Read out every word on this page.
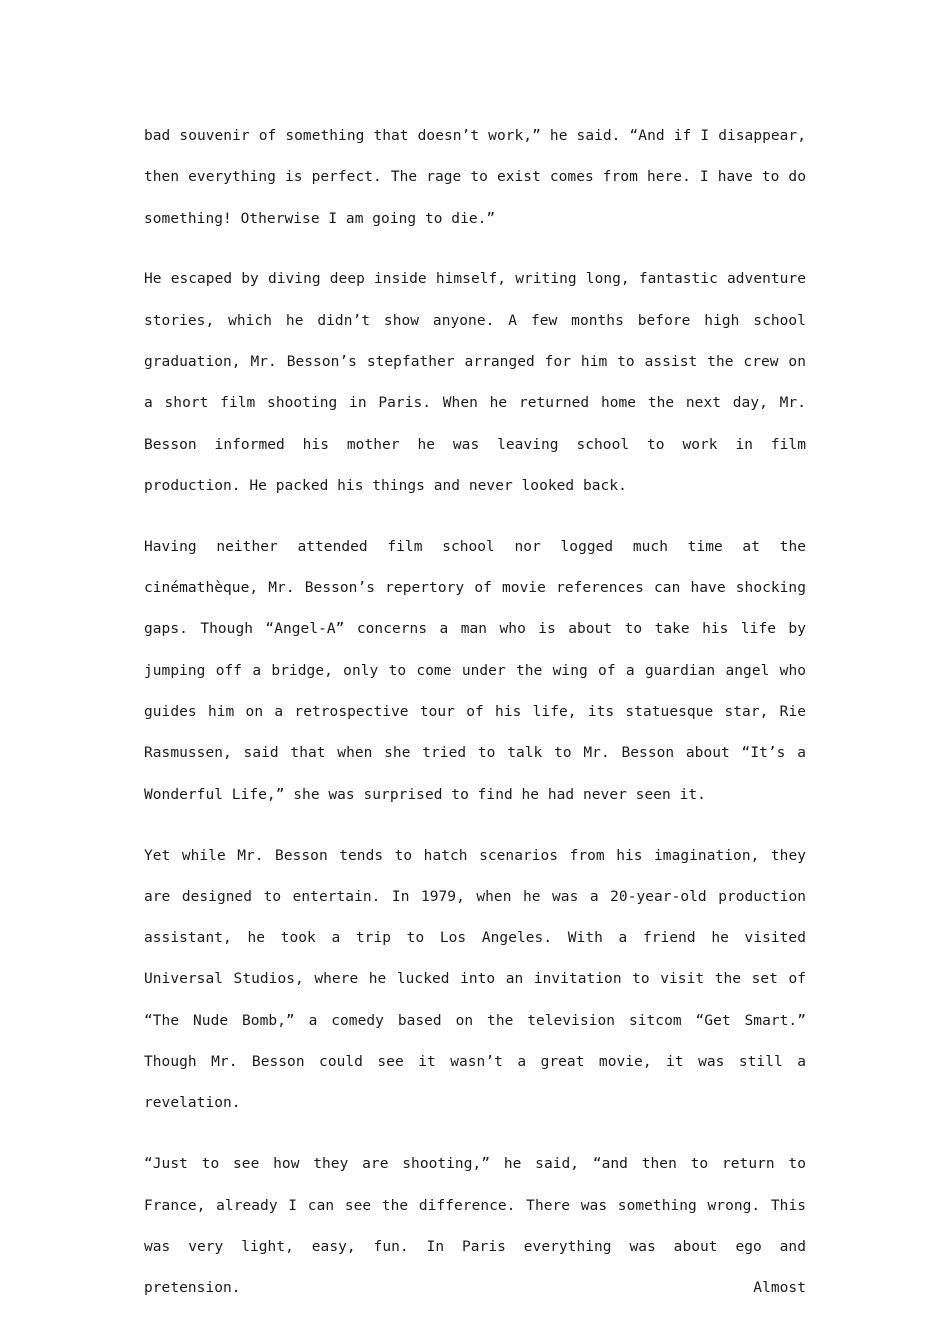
bad souvenir of something that doesn’t work,” he said. “And if I disappear, then everything is perfect. The rage to exist comes from here. I have to do something! Otherwise I am going to die.”

He escaped by diving deep inside himself, writing long, fantastic adventure stories, which he didn’t show anyone. A few months before high school graduation, Mr. Besson’s stepfather arranged for him to assist the crew on a short film shooting in Paris. When he returned home the next day, Mr. Besson informed his mother he was leaving school to work in film production. He packed his things and never looked back.

Having neither attended film school nor logged much time at the cinémathèque, Mr. Besson’s repertory of movie references can have shocking gaps. Though “Angel-A” concerns a man who is about to take his life by jumping off a bridge, only to come under the wing of a guardian angel who guides him on a retrospective tour of his life, its statuesque star, Rie Rasmussen, said that when she tried to talk to Mr. Besson about “It’s a Wonderful Life,” she was surprised to find he had never seen it.

Yet while Mr. Besson tends to hatch scenarios from his imagination, they are designed to entertain. In 1979, when he was a 20-year-old production assistant, he took a trip to Los Angeles. With a friend he visited Universal Studios, where he lucked into an invitation to visit the set of “The Nude Bomb,” a comedy based on the television sitcom “Get Smart.” Though Mr. Besson could see it wasn’t a great movie, it was still a revelation.

“Just to see how they are shooting,” he said, “and then to return to France, already I can see the difference. There was something wrong. This was very light, easy, fun. In Paris everything was about ego and pretension. Almost
